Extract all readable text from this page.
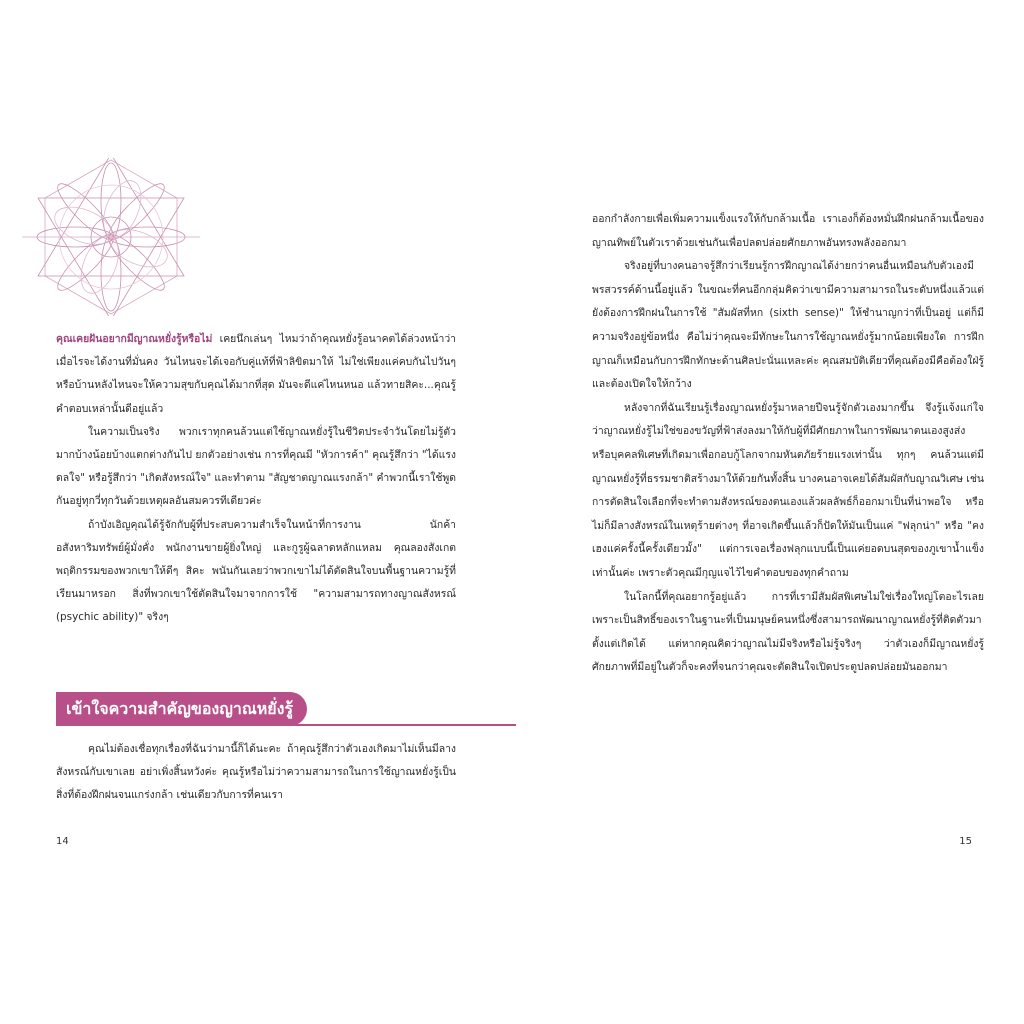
คุณเคยฝันอยากมีญาณหยั่งรู้หรือไม่ เคยนึกเล่นๆ ไหมว่าถ้าคุณหยั่งรู้อนาคตได้ล่วงหน้าว่าเมื่อไรจะได้งานที่มั่นคง วันไหนจะได้เจอกับคู่แท้ที่ฟ้าลิขิตมาให้ ไม่ใช่เพียงแค่คบกันไปวันๆ หรือบ้านหลังไหนจะให้ความสุขกับคุณได้มากที่สุด มันจะดีแค่ไหนหนอ แล้วทายสิคะ...คุณรู้คำตอบเหล่านั้นดีอยู่แล้ว

ในความเป็นจริง พวกเราทุกคนล้วนแต่ใช้ญาณหยั่งรู้ในชีวิตประจำวันโดยไม่รู้ตัว มากบ้างน้อยบ้างแตกต่างกันไป ยกตัวอย่างเช่น การที่คุณมี "หัวการค้า" คุณรู้สึกว่า "ได้แรงดลใจ" หรือรู้สึกว่า "เกิดสังหรณ์ใจ" และทำตาม "สัญชาตญาณแรงกล้า" คำพวกนี้เราใช้พูดกันอยู่ทุกวี่ทุกวันด้วยเหตุผลอันสมควรทีเดียวค่ะ

ถ้าบังเอิญคุณได้รู้จักกับผู้ที่ประสบความสำเร็จในหน้าที่การงาน นักค้าอสังหาริมทรัพย์ผู้มั่งคั่ง พนักงานขายผู้ยิ่งใหญ่ และกูรูผู้ฉลาดหลักแหลม คุณลองสังเกตพฤติกรรมของพวกเขาให้ดีๆ สิคะ พนันกันเลยว่าพวกเขาไม่ได้ตัดสินใจบนพื้นฐานความรู้ที่เรียนมาหรอก สิ่งที่พวกเขาใช้ตัดสินใจมาจากการใช้ "ความสามารถทางญาณสังหรณ์ (psychic ability)" จริงๆ

เข้าใจความสำคัญของญาณหยั่งรู้

คุณไม่ต้องเชื่อทุกเรื่องที่ฉันว่ามานี้ก็ได้นะคะ ถ้าคุณรู้สึกว่าตัวเองเกิดมาไม่เห็นมีลางสังหรณ์กับเขาเลย อย่าเพิ่งสิ้นหวังค่ะ คุณรู้หรือไม่ว่าความสามารถในการใช้ญาณหยั่งรู้เป็นสิ่งที่ต้องฝึกฝนจนแกร่งกล้า เช่นเดียวกับการที่คนเรา

14

ออกกำลังกายเพื่อเพิ่มความแข็งแรงให้กับกล้ามเนื้อ เราเองก็ต้องหมั่นฝึกฝนกล้ามเนื้อของญาณทิพย์ในตัวเราด้วยเช่นกันเพื่อปลดปล่อยศักยภาพอันทรงพลังออกมา

จริงอยู่ที่บางคนอาจรู้สึกว่าเรียนรู้การฝึกญาณได้ง่ายกว่าคนอื่นเหมือนกับตัวเองมีพรสวรรค์ด้านนี้อยู่แล้ว ในขณะที่คนอีกกลุ่มคิดว่าเขามีความสามารถในระดับหนึ่งแล้วแต่ยังต้องการฝึกฝนในการใช้ "สัมผัสที่หก (sixth sense)" ให้ชำนาญกว่าที่เป็นอยู่ แต่ก็มีความจริงอยู่ข้อหนึ่ง คือไม่ว่าคุณจะมีทักษะในการใช้ญาณหยั่งรู้มากน้อยเพียงใด การฝึกญาณก็เหมือนกับการฝึกทักษะด้านศิลปะนั่นแหละค่ะ คุณสมบัติเดียวที่คุณต้องมีคือต้องใฝ่รู้และต้องเปิดใจให้กว้าง

หลังจากที่ฉันเรียนรู้เรื่องญาณหยั่งรู้มาหลายปีจนรู้จักตัวเองมากขึ้น จึงรู้แจ้งแก่ใจว่าญาณหยั่งรู้ไม่ใช่ของขวัญที่ฟ้าส่งลงมาให้กับผู้ที่มีศักยภาพในการพัฒนาตนเองสูงส่ง หรือบุคคลพิเศษที่เกิดมาเพื่อกอบกู้โลกจากมหันตภัยร้ายแรงเท่านั้น ทุกๆ คนล้วนแต่มีญาณหยั่งรู้ที่ธรรมชาติสร้างมาให้ด้วยกันทั้งสิ้น บางคนอาจเคยได้สัมผัสกับญาณวิเศษ เช่น การตัดสินใจเลือกที่จะทำตามสังหรณ์ของตนเองแล้วผลลัพธ์ก็ออกมาเป็นที่น่าพอใจ หรือไม่ก็มีลางสังหรณ์ในเหตุร้ายต่างๆ ที่อาจเกิดขึ้นแล้วก็ปัดให้มันเป็นแค่ "ฟลุกน่า" หรือ "คงเฮงแค่ครั้งนี้ครั้งเดียวมั้ง" แต่การเจอเรื่องฟลุกแบบนี้เป็นแค่ยอดบนสุดของภูเขาน้ำแข็งเท่านั้นค่ะ เพราะตัวคุณมีกุญแจไว้ไขคำตอบของทุกคำถาม

ในโลกนี้ที่คุณอยากรู้อยู่แล้ว การที่เรามีสัมผัสพิเศษไม่ใช่เรื่องใหญ่โตอะไรเลย เพราะเป็นสิทธิ์ของเราในฐานะที่เป็นมนุษย์คนหนึ่งซึ่งสามารถพัฒนาญาณหยั่งรู้ที่ติดตัวมาตั้งแต่เกิดได้ แต่หากคุณคิดว่าญาณไม่มีจริงหรือไม่รู้จริงๆ ว่าตัวเองก็มีญาณหยั่งรู้ ศักยภาพที่มีอยู่ในตัวก็จะคงที่จนกว่าคุณจะตัดสินใจเปิดประตูปลดปล่อยมันออกมา

15
